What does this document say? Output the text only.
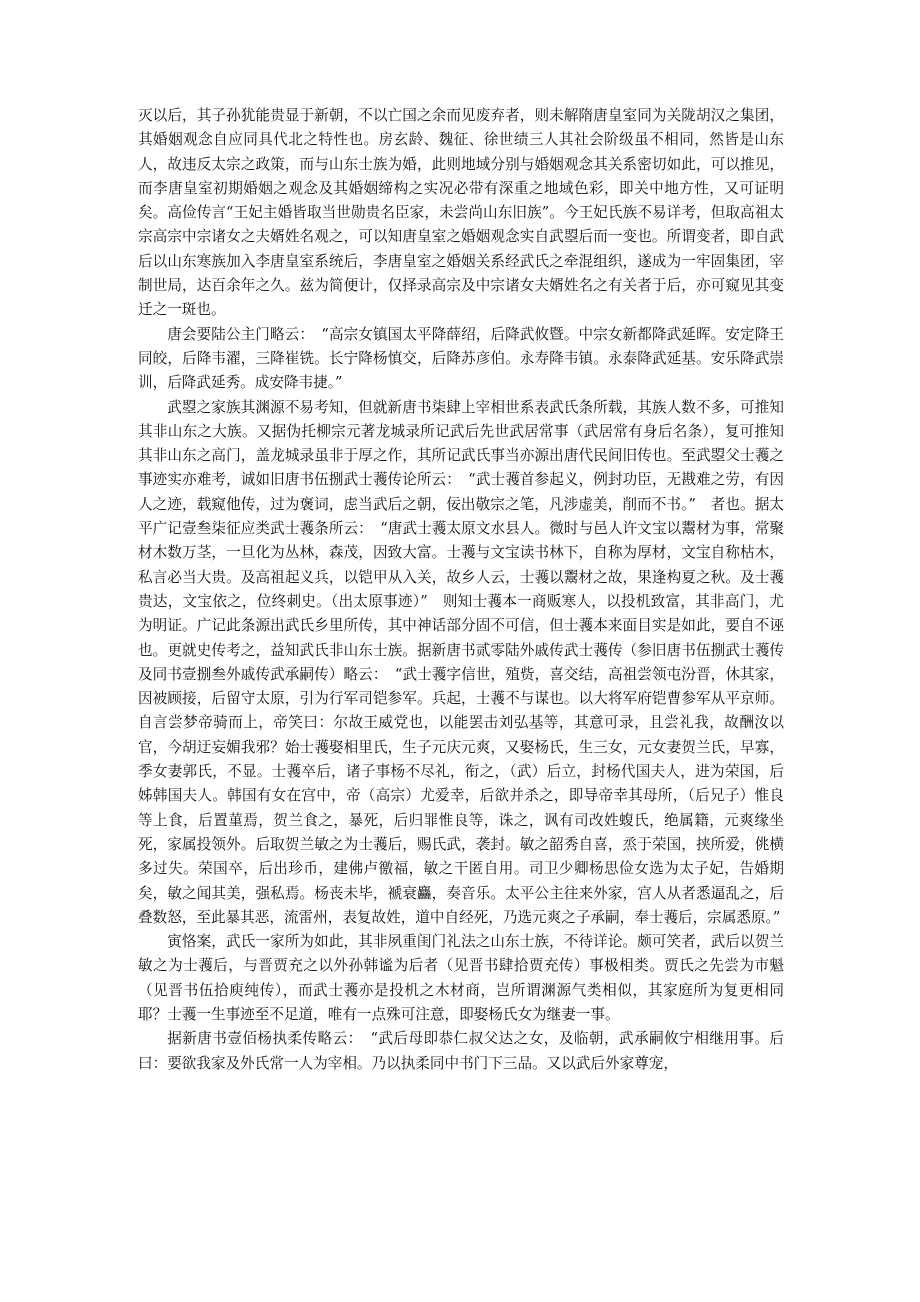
灭以后，其子孙犹能贵显于新朝，不以亡国之余而见废弃者，则未解隋唐皇室同为关陇胡汉之集团，其婚姻观念自应同具代北之特性也。房玄龄、魏征、徐世绩三人其社会阶级虽不相同，然皆是山东人，故违反太宗之政策，而与山东士族为婚，此则地域分别与婚姻观念其关系密切如此，可以推见，而李唐皇室初期婚姻之观念及其婚姻缔构之实况必带有深重之地域色彩，即关中地方性，又可证明矣。高俭传言“王妃主婚皆取当世勋贵名臣家，未尝尚山东旧族”。今王妃氏族不易详考，但取高祖太宗高宗中宗诸女之夫婿姓名观之，可以知唐皇室之婚姻观念实自武曌后而一变也。所谓变者，即自武后以山东寒族加入李唐皇室系统后，李唐皇室之婚姻关系经武氏之牵混组织，遂成为一牢固集团，宰制世局，达百余年之久。兹为简便计，仅择录高宗及中宗诸女夫婿姓名之有关者于后，亦可窥见其变迁之一斑也。

唐会要陆公主门略云：　“高宗女镇国太平降薛绍，后降武攸暨。中宗女新都降武延晖。安定降王同皎，后降韦濯，三降崔铣。长宁降杨慎交，后降苏彦伯。永寿降韦镇。永泰降武延基。安乐降武崇训，后降武延秀。成安降韦捷。”

武曌之家族其渊源不易考知，但就新唐书柒肆上宰相世系表武氏条所载，其族人数不多，可推知其非山东之大族。又据伪托柳宗元著龙城录所记武后先世武居常事（武居常有身后名条），复可推知其非山东之高门，盖龙城录虽非于厚之作，其所记武氏事当亦源出唐代民间旧传也。至武曌父士彟之事迹实亦难考，诚如旧唐书伍捌武士彟传论所云：　“武士彟首参起义，例封功臣，无戡难之劳，有因人之迹，载窥他传，过为褒词，虑当武后之朝，佞出敬宗之笔，凡涉虚美，削而不书。”　者也。据太平广记壹叁柒征应类武士彟条所云：　“唐武士彟太原文水县人。微时与邑人许文宝以鬻材为事，常聚材木数万茎，一旦化为丛林，森茂，因致大富。士彟与文宝读书林下，自称为厚材，文宝自称枯木，私言必当大贵。及高祖起义兵，以铠甲从入关，故乡人云，士彟以鬻材之故，果逢构夏之秋。及士彟贵达，文宝依之，位终刺史。（出太原事迹）”　则知士彟本一商贩寒人，以投机致富，其非高门，尤为明证。广记此条源出武氏乡里所传，其中神话部分固不可信，但士彟本来面目实是如此，要自不诬也。更就史传考之，益知武氏非山东士族。据新唐书贰零陆外戚传武士彟传（参旧唐书伍捌武士彟传及同书壹捌叁外戚传武承嗣传）略云：　“武士彟字信世，殖赀，喜交结，高祖尝领屯汾晋，休其家，因被顾接，后留守太原，引为行军司铠参军。兵起，士彟不与谋也。以大将军府铠曹参军从平京师。自言尝梦帝骑而上，帝笑曰：尔故王威党也，以能罢击刘弘基等，其意可录，且尝礼我，故酬汝以官，今胡迂妄媚我邪？始士彟娶相里氏，生子元庆元爽，又娶杨氏，生三女，元女妻贺兰氏，早寡，季女妻郭氏，不显。士彟卒后，诸子事杨不尽礼，衔之，（武）后立，封杨代国夫人，进为荣国，后姊韩国夫人。韩国有女在宫中，帝（高宗）尤爱幸，后欲并杀之，即导帝幸其母所，（后兄子）惟良等上食，后置菫焉，贺兰食之，暴死，后归罪惟良等，诛之，讽有司改姓蝮氏，绝属籍，元爽缘坐死，家属投领外。后取贺兰敏之为士彟后，赐氏武，袭封。敏之韶秀自喜，烝于荣国，挟所爱，佻横多过失。荣国卒，后出珍币，建佛卢徼福，敏之干匿自用。司卫少卿杨思俭女选为太子妃，告婚期矣，敏之闻其美，强私焉。杨丧未毕，褫衰麤，奏音乐。太平公主往来外家，宫人从者悉逼乱之，后叠数怒，至此暴其恶，流雷州，表复故姓，道中自经死，乃选元爽之子承嗣，奉士彟后，宗属悉原。”

寅恪案，武氏一家所为如此，其非夙重闺门礼法之山东士族，不待详论。颇可笑者，武后以贺兰敏之为士彟后，与晋贾充之以外孙韩谧为后者（见晋书肆拾贾充传）事极相类。贾氏之先尝为市魁（见晋书伍拾庾纯传），而武士彟亦是投机之木材商，岂所谓渊源气类相似，其家庭所为复更相同耶？士彟一生事迹至不足道，唯有一点殊可注意，即娶杨氏女为继妻一事。

据新唐书壹佰杨执柔传略云：　“武后母即恭仁叔父达之女，及临朝，武承嗣攸宁相继用事。后曰：要欲我家及外氏常一人为宰相。乃以执柔同中书门下三品。又以武后外家尊宠，
